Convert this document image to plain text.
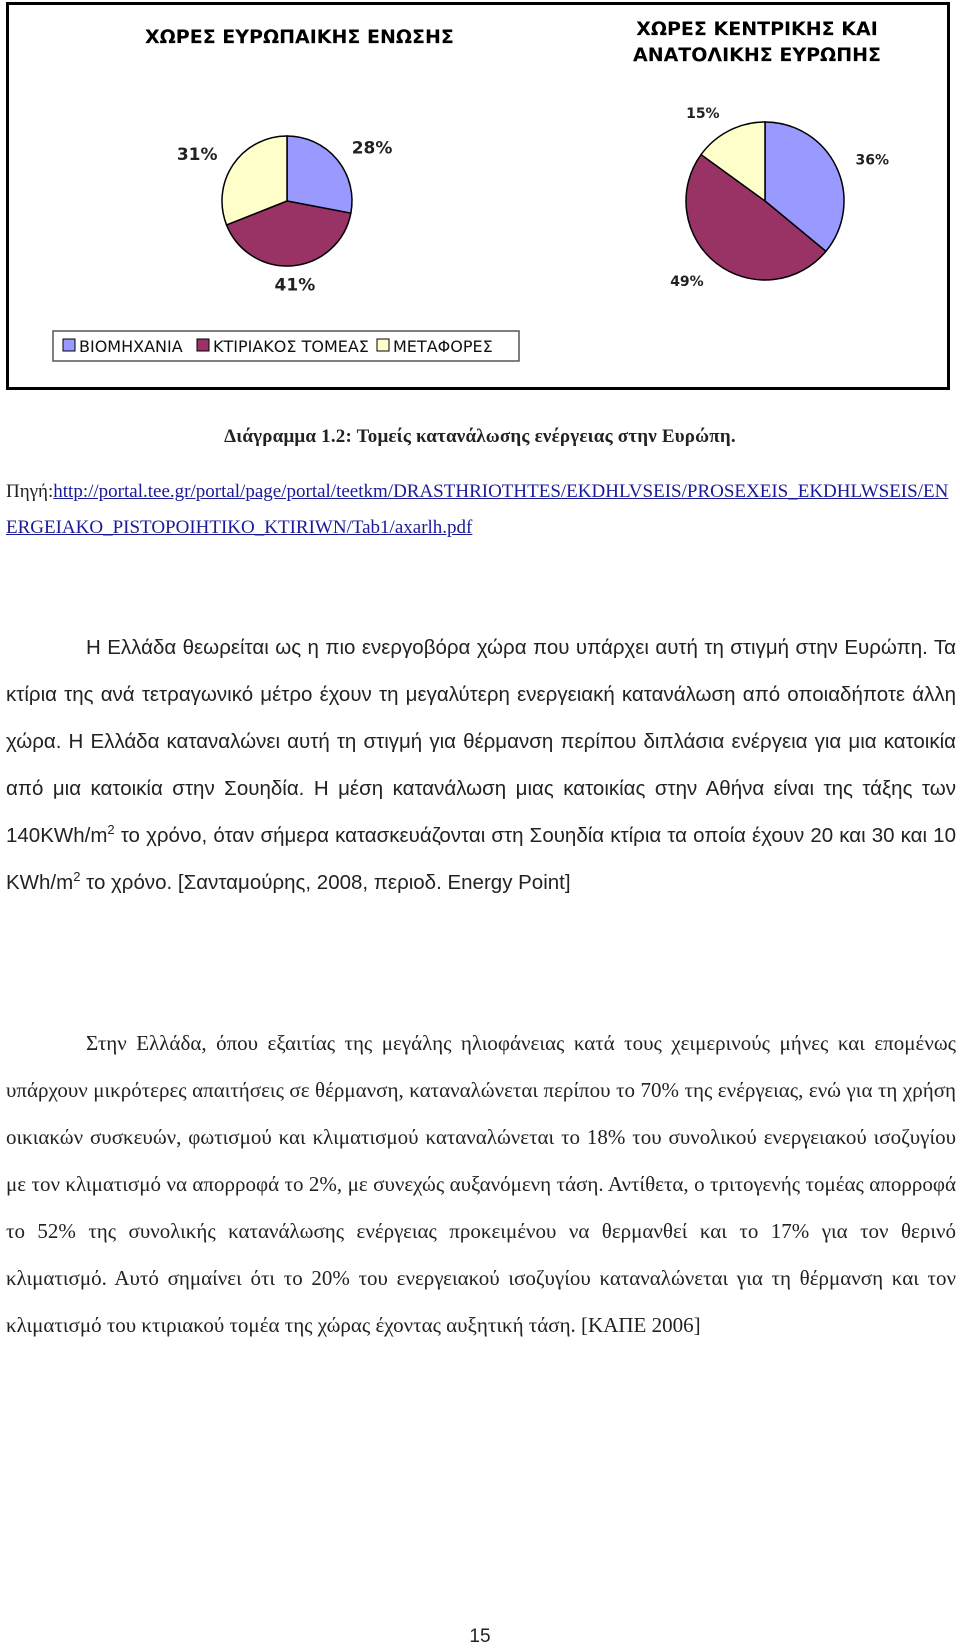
ΧΩΡΕΣ ΕΥΡΩΠΑΙΚΗΣ ΕΝΩΣΗΣ	ΧΩΡΕΣ ΚΕΝΤΡΙΚΗΣ ΚΑΙ
ΑΝΑΤΟΛΙΚΗΣ ΕΥΡΩΠΗΣ
28%
41%
31%	36%
49%
15%
ΒΙΟΜΗΧΑΝΙΑ ΚΤΙΡΙΑΚΟΣ ΤΟΜΕΑΣ ΜΕΤΑΦΟΡΕΣ
Διάγραμμα 1.2: Τομείς κατανάλωσης ενέργειας στην Ευρώπη.
Πηγή:http://portal.tee.gr/portal/page/portal/teetkm/DRASTHRIOTHTES/EKDHLVSEIS/PROSEXEIS_EKDHLWSEIS/ENERGEIAKO_PISTOPOIHTIKO_KTIRIWN/Tab1/axarlh.pdf

Η Ελλάδα θεωρείται ως η πιο ενεργοβόρα χώρα που υπάρχει αυτή τη στιγμή στην Ευρώπη. Τα κτίρια της ανά τετραγωνικό μέτρο έχουν τη μεγαλύτερη ενεργειακή κατανάλωση από οποιαδήποτε άλλη χώρα. Η Ελλάδα καταναλώνει αυτή τη στιγμή για θέρμανση περίπου διπλάσια ενέργεια για μια κατοικία από μια κατοικία στην Σουηδία. Η μέση κατανάλωση μιας κατοικίας στην Αθήνα είναι της τάξης των $140KWh/m^2$ το χρόνο, όταν σήμερα κατασκευάζονται στη Σουηδία κτίρια τα οποία έχουν 20 και 30 και 10 KWh/$m^2$ το χρόνο. [Σανταμούρης, 2008, περιοδ. Energy Point]

Στην Ελλάδα, όπου εξαιτίας της μεγάλης ηλιοφάνειας κατά τους χειμερινούς μήνες και επομένως υπάρχουν μικρότερες απαιτήσεις σε θέρμανση, καταναλώνεται περίπου το 70% της ενέργειας, ενώ για τη χρήση οικιακών συσκευών, φωτισμού και κλιματισμού καταναλώνεται το 18% του συνολικού ενεργειακού ισοζυγίου με τον κλιματισμό να απορροφά το 2%, με συνεχώς αυξανόμενη τάση. Αντίθετα, ο τριτογενής τομέας απορροφά το 52% της συνολικής κατανάλωσης ενέργειας προκειμένου να θερμανθεί και το 17% για τον θερινό κλιματισμό. Αυτό σημαίνει ότι το 20% του ενεργειακού ισοζυγίου καταναλώνεται για τη θέρμανση και τον κλιματισμό του κτιριακού τομέα της χώρας έχοντας αυξητική τάση. [ΚΑΠΕ 2006]

15
